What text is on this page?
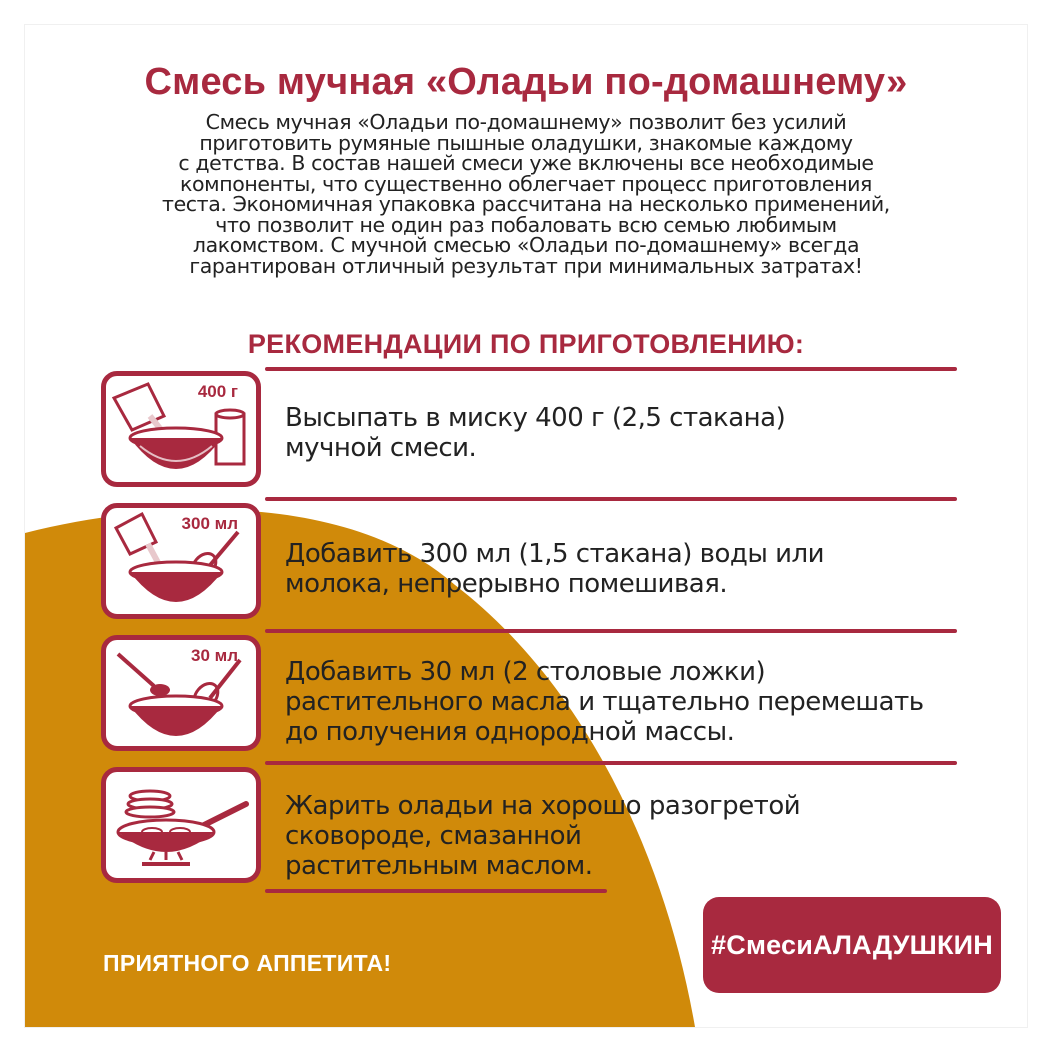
Смесь мучная «Оладьи по-домашнему»
Смесь мучная «Оладьи по-домашнему» позволит без усилий
приготовить румяные пышные оладушки, знакомые каждому
с детства. В состав нашей смеси уже включены все необходимые
компоненты, что существенно облегчает процесс приготовления
теста. Экономичная упаковка рассчитана на несколько применений,
что позволит не один раз побаловать всю семью любимым
лакомством. С мучной смесью «Оладьи по-домашнему» всегда
гарантирован отличный результат при минимальных затратах!
РЕКОМЕНДАЦИИ ПО ПРИГОТОВЛЕНИЮ:
400 г
Высыпать в миску 400 г (2,5 стакана)
мучной смеси.
300 мл
Добавить 300 мл (1,5 стакана) воды или
молока, непрерывно помешивая.
30 мл
Добавить 30 мл (2 столовые ложки)
растительного масла и тщательно перемешать
до получения однородной массы.
Жарить оладьи на хорошо разогретой
сковороде, смазанной
растительным маслом.
ПРИЯТНОГО АППЕТИТА!
#СмесиАЛАДУШКИН
